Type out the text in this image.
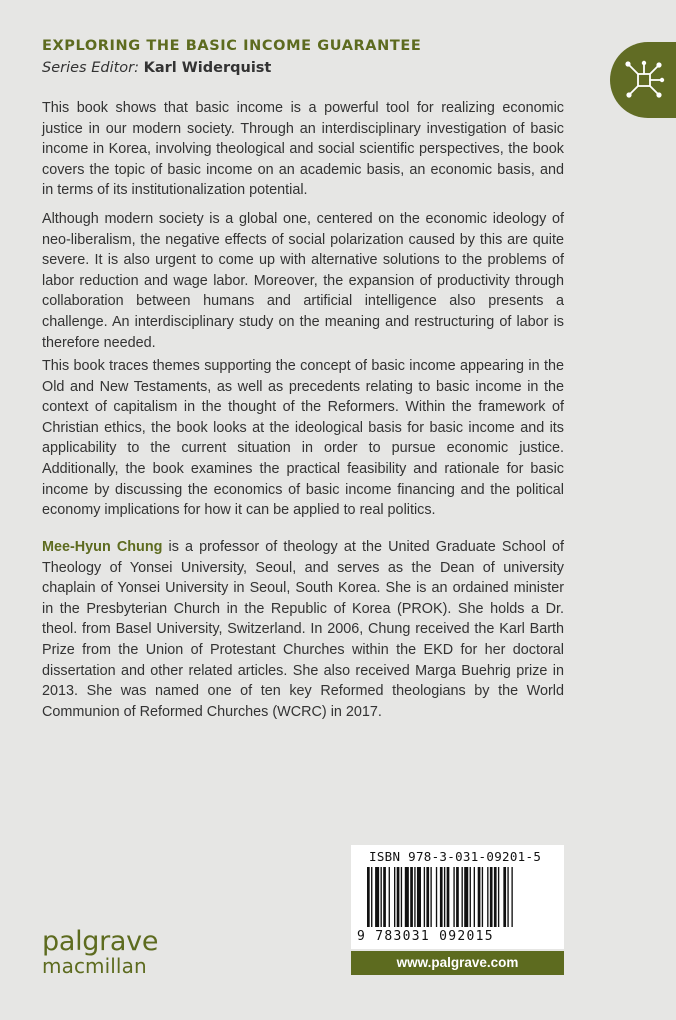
EXPLORING THE BASIC INCOME GUARANTEE
Series Editor: Karl Widerquist

This book shows that basic income is a powerful tool for realizing economic justice in our modern society. Through an interdisciplinary investigation of basic income in Korea, involving theological and social scientific perspectives, the book covers the topic of basic income on an academic basis, an economic basis, and in terms of its institutionalization potential.

Although modern society is a global one, centered on the economic ideology of neo-liberalism, the negative effects of social polarization caused by this are quite severe. It is also urgent to come up with alternative solutions to the problems of labor reduction and wage labor. Moreover, the expansion of productivity through collaboration between humans and artificial intelligence also presents a challenge. An interdisciplinary study on the meaning and restructuring of labor is therefore needed.

This book traces themes supporting the concept of basic income appearing in the Old and New Testaments, as well as precedents relating to basic income in the context of capitalism in the thought of the Reformers. Within the framework of Christian ethics, the book looks at the ideological basis for basic income and its applicability to the current situation in order to pursue economic justice. Additionally, the book examines the practical feasibility and rationale for basic income by discussing the economics of basic income financing and the political economy implications for how it can be applied to real politics.

Mee-Hyun Chung is a professor of theology at the United Graduate School of Theology of Yonsei University, Seoul, and serves as the Dean of university chaplain of Yonsei University in Seoul, South Korea. She is an ordained minister in the Presbyterian Church in the Republic of Korea (PROK). She holds a Dr. theol. from Basel University, Switzerland. In 2006, Chung received the Karl Barth Prize from the Union of Protestant Churches within the EKD for her doctoral dissertation and other related articles. She also received Marga Buehrig prize in 2013. She was named one of ten key Reformed theologians by the World Communion of Reformed Churches (WCRC) in 2017.

ISBN 978-3-031-09201-5
9 783031 092015
www.palgrave.com
palgrave
macmillan
